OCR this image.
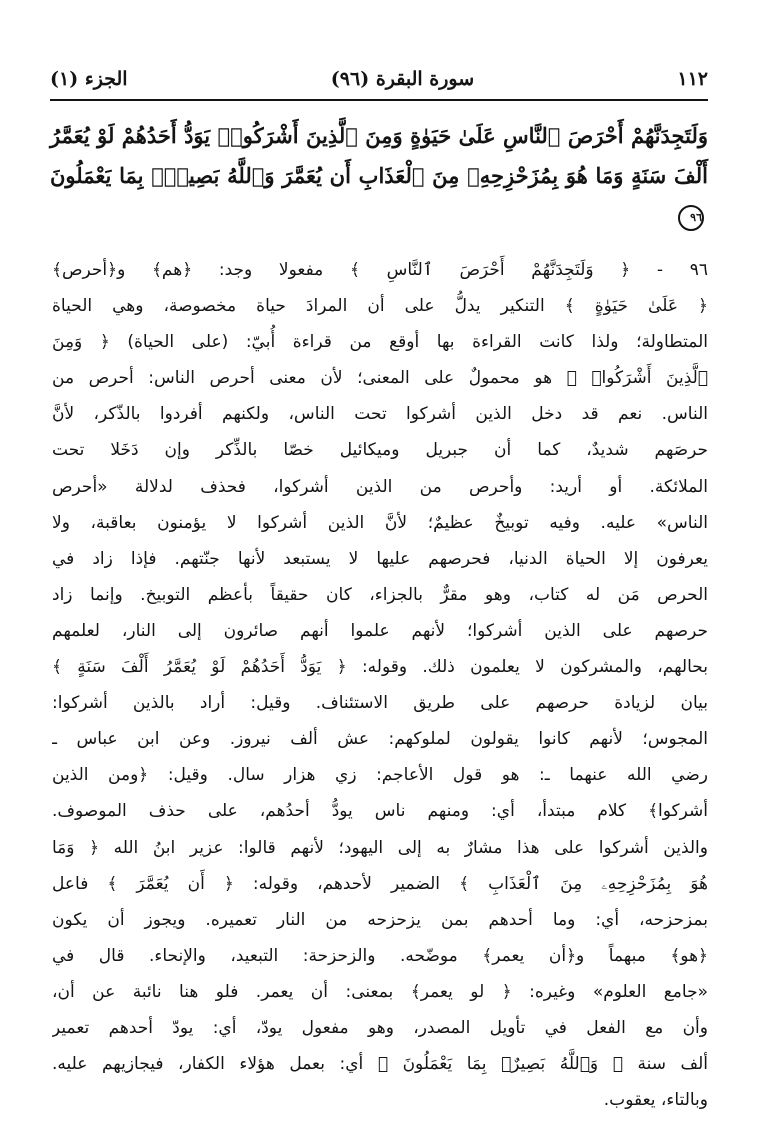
١١٢
سورة البقرة (٩٦)
الجزء (١)
وَلَتَجِدَنَّهُمْ أَحْرَصَ ٱلنَّاسِ عَلَىٰ حَيَوٰةٍ وَمِنَ ٱلَّذِينَ أَشْرَكُوا۟ يَوَدُّ أَحَدُهُمْ لَوْ يُعَمَّرُ أَلْفَ سَنَةٍ وَمَا هُوَ بِمُزَحْزِحِهِۦ مِنَ ٱلْعَذَابِ أَن يُعَمَّرَ وَٱللَّهُ بَصِيرٌۢ بِمَا يَعْمَلُونَ ٩٦
٩٦ - ﴿ وَلَتَجِدَنَّهُمْ أَحْرَصَ ٱلنَّاسِ ﴾ مفعولا وجد: ﴿هم﴾ و﴿أحرص﴾
﴿ عَلَىٰ حَيَوٰةٍ ﴾ التنكير يدلُّ على أن المرادَ حياة مخصوصة، وهي الحياة
المتطاولة؛ ولذا كانت القراءة بها أوقع من قراءة أُبيّ: (على الحياة) ﴿ وَمِنَ
ٱلَّذِينَ أَشْرَكُوا۟ ﴾ هو محمولٌ على المعنى؛ لأن معنى أحرص الناس: أحرص من
الناس. نعم قد دخل الذين أشركوا تحت الناس، ولكنهم أفردوا بالذّكر، لأنَّ
حرصَهم شديدٌ، كما أن جبريل وميكائيل خصّا بالذِّكر وإن دَخَلا تحت
الملائكة. أو أريد: وأحرص من الذين أشركوا، فحذف لدلالة «أحرص
الناس» عليه. وفيه توبيخٌ عظيمٌ؛ لأنَّ الذين أشركوا لا يؤمنون بعاقبة، ولا
يعرفون إلا الحياة الدنيا، فحرصهم عليها لا يستبعد لأنها جنّتهم. فإذا زاد في
الحرص مَن له كتاب، وهو مقرٌّ بالجزاء، كان حقيقاً بأعظم التوبيخ. وإنما زاد
حرصهم على الذين أشركوا؛ لأنهم علموا أنهم صائرون إلى النار، لعلمهم
بحالهم، والمشركون لا يعلمون ذلك. وقوله: ﴿ يَوَدُّ أَحَدُهُمْ لَوْ يُعَمَّرُ أَلْفَ سَنَةٍ ﴾
بيان لزيادة حرصهم على طريق الاستئناف. وقيل: أراد بالذين أشركوا:
المجوس؛ لأنهم كانوا يقولون لملوكهم: عش ألف نيروز. وعن ابن عباس ـ
رضي الله عنهما ـ: هو قول الأعاجم: زي هزار سال. وقيل: ﴿ومن الذين
أشركوا﴾ كلام مبتدأ، أي: ومنهم ناس يودُّ أحدُهم، على حذف الموصوف.
والذين أشركوا على هذا مشارٌ به إلى اليهود؛ لأنهم قالوا: عزير ابنُ الله ﴿ وَمَا
هُوَ بِمُزَحْزِحِهِۦ مِنَ ٱلْعَذَابِ ﴾ الضمير لأحدهم، وقوله: ﴿ أَن يُعَمَّرَ ﴾ فاعل
بمزحزحه، أي: وما أحدهم بمن يزحزحه من النار تعميره. ويجوز أن يكون
﴿هو﴾ مبهماً و﴿أن يعمر﴾ موضّحه. والزحزحة: التبعيد، والإنحاء. قال في
«جامع العلوم» وغيره: ﴿ لو يعمر﴾ بمعنى: أن يعمر. فلو هنا نائبة عن أن،
وأن مع الفعل في تأويل المصدر، وهو مفعول يودّ، أي: يودّ أحدهم تعمير
ألف سنة ﴿ وَٱللَّهُ بَصِيرٌۢ بِمَا يَعْمَلُونَ ﴾ أي: بعمل هؤلاء الكفار، فيجازيهم عليه.
وبالتاء، يعقوب.
